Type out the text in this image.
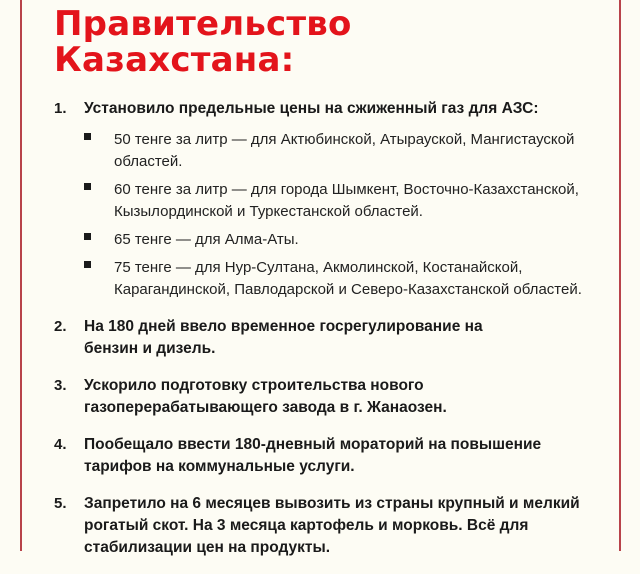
Правительство
Казахстана:
1. Установило предельные цены на сжиженный газ для АЗС:
50 тенге за литр — для Актюбинской, Атырауской, Мангистауской областей.
60 тенге за литр — для города Шымкент, Восточно-Казахстанской, Кызылординской и Туркестанской областей.
65 тенге — для Алма-Аты.
75 тенге — для Нур-Султана, Акмолинской, Костанайской, Карагандинской, Павлодарской и Северо-Казахстанской областей.
2. На 180 дней ввело временное госрегулирование на бензин и дизель.
3. Ускорило подготовку строительства нового газоперерабатывающего завода в г. Жанаозен.
4. Пообещало ввести 180-дневный мораторий на повышение тарифов на коммунальные услуги.
5. Запретило на 6 месяцев вывозить из страны крупный и мелкий рогатый скот. На 3 месяца картофель и морковь. Всё для стабилизации цен на продукты.
